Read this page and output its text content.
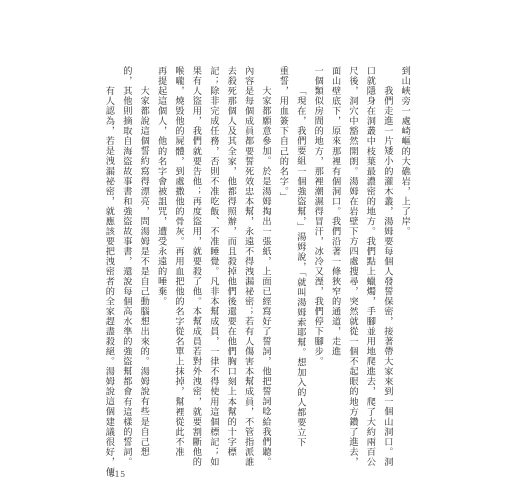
到山峽旁一處崎嶇的大礁岩，上了岸。
我們走進一片矮小的灌木叢，湯姆要每個人發誓保密，接著帶大家來到一個山洞口。洞
口就隱身在洞叢中枝葉最濃密的地方。我們點上蠟燭，手腳並用地爬進去，爬了大約兩百公
尺後，洞穴中豁然開朗。湯姆在岩壁下方四處搜尋，突然就從一個不起眼的地方鑽了進去，
面山壁底下，原來那裡有個洞口。我們沿著一條狹窄的通道，走進
一個類似房間的地方，那裡潮濕得冒汗，冰冷又溼，我們停下腳步。
「現在，我們要組一個強盜幫，」湯姆說，「就叫湯姆索耶幫。想加入的人都要立下
重誓，用血簽下自己的名字。」
大家都願意參加。於是湯姆掏出一張紙，上面已經寫好了誓詞，他把誓詞唸給我們聽。
內容是每個成員都要誓死效忠本幫，永遠不得洩漏祕密；若有人傷害本幫成員，不管指派誰
去殺死那個人及其全家，他都得照辦，而且殺掉他們後還要在他們胸口刻上本幫的十字標
記；除非完成任務，否則不准吃飯、不准睡覺。凡非本幫成員，一律不得使用這個標記；如
果有人盜用，我們就要告他；再度盜用，就要殺了他。本幫成員若對外洩密，就要割斷他的
喉嚨，燒毀他的屍體，到處撒他的骨灰。再用血把他的名字從名單上抹掉，幫裡從此不准
再提起這個人，他的名字會被詛咒，遭受永遠的唾棄。
大家都說這個誓約寫得漂亮，問湯姆是不是自己動腦想出來的。湯姆說有些是自己想
的，其他則摘取自海盜故事書和強盜故事書，還說每個高水準的強盜幫都會有這樣的誓詞。
有人認為，若是洩漏祕密，就應該要把洩密者的全家趕盡殺絕。湯姆說這個建議很好，便
015
